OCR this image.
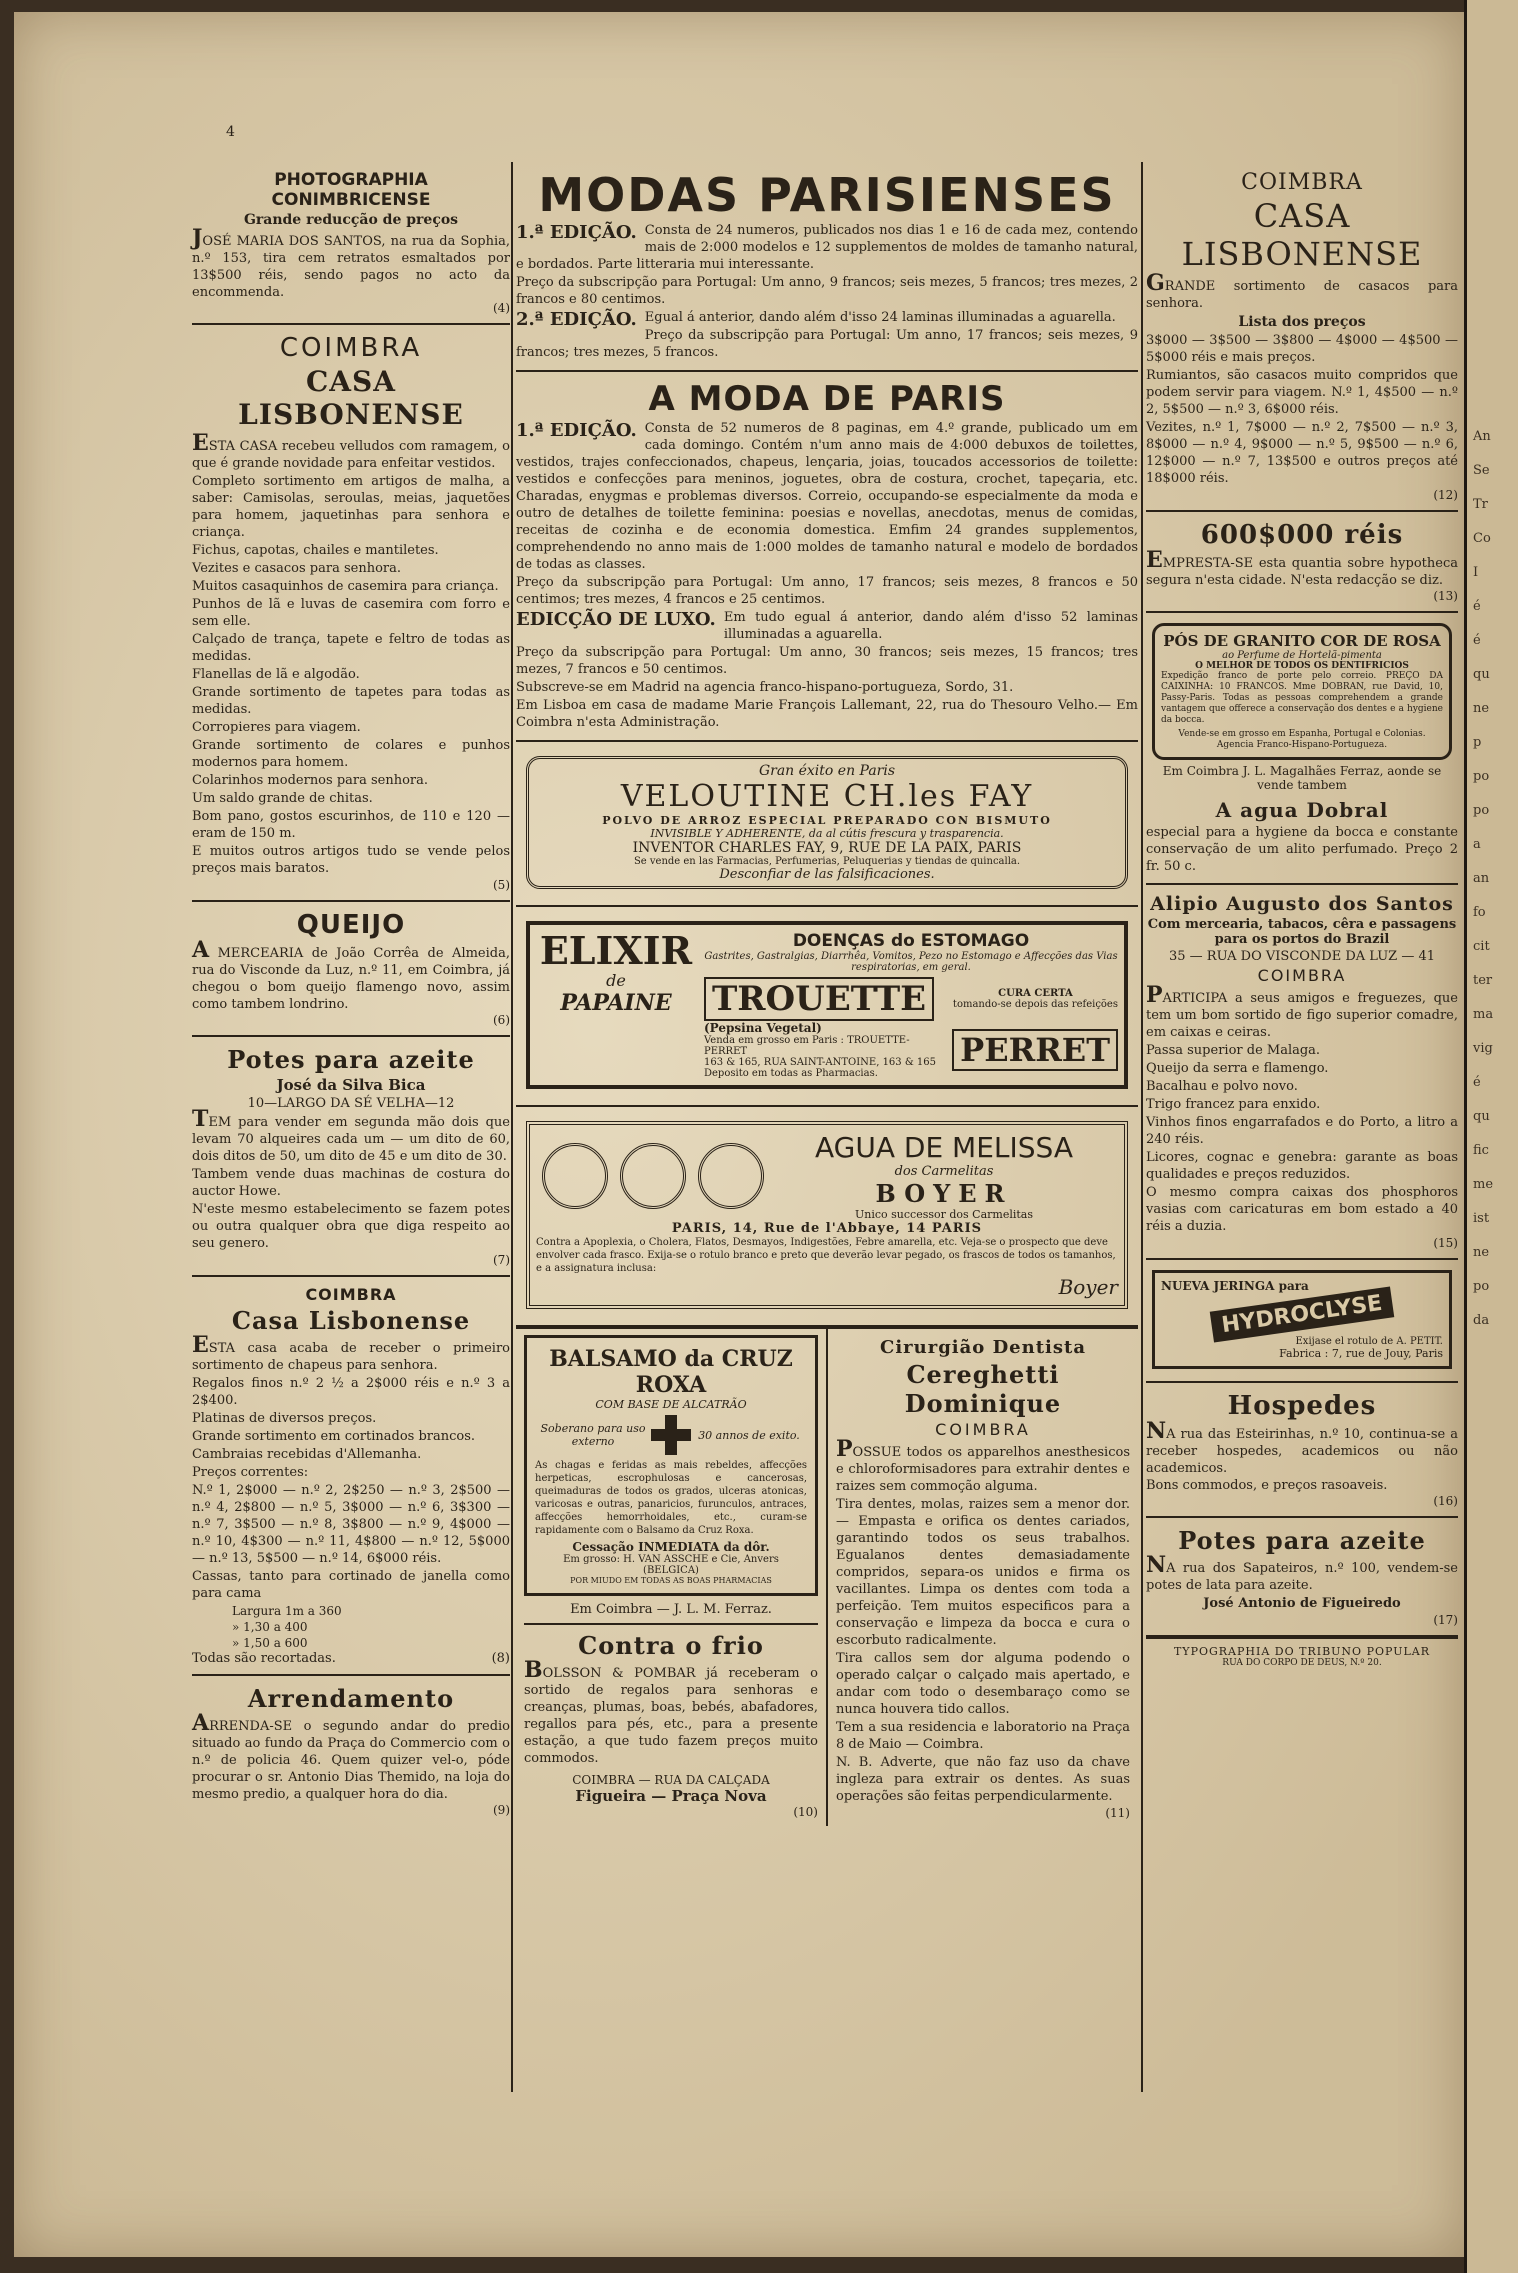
4
PHOTOGRAPHIA CONIMBRICENSE
Grande reducção de preços

JOSÉ MARIA DOS SANTOS, na rua da Sophia, n.º 153, tira cem retratos esmaltados por 13$500 réis, sendo pagos no acto da encommenda.

(4)
COIMBRA
CASA LISBONENSE

ESTA CASA recebeu velludos com ramagem, o que é grande novidade para enfeitar vestidos.

Completo sortimento em artigos de malha, a saber: Camisolas, seroulas, meias, jaquetões para homem, jaquetinhas para senhora e criança.

Fichus, capotas, chailes e mantiletes.

Vezites e casacos para senhora.

Muitos casaquinhos de casemira para criança.

Punhos de lã e luvas de casemira com forro e sem elle.

Calçado de trança, tapete e feltro de todas as medidas.

Flanellas de lã e algodão.

Grande sortimento de tapetes para todas as medidas.

Corropieres para viagem.

Grande sortimento de colares e punhos modernos para homem.

Colarinhos modernos para senhora.

Um saldo grande de chitas.

Bom pano, gostos escurinhos, de 110 e 120 — eram de 150 m.

E muitos outros artigos tudo se vende pelos preços mais baratos.

(5)
QUEIJO

A MERCEARIA de João Corrêa de Almeida, rua do Visconde da Luz, n.º 11, em Coimbra, já chegou o bom queijo flamengo novo, assim como tambem londrino.

(6)
Potes para azeite
José da Silva Bica
10—LARGO DA SÉ VELHA—12

TEM para vender em segunda mão dois que levam 70 alqueires cada um — um dito de 60, dois ditos de 50, um dito de 45 e um dito de 30.

Tambem vende duas machinas de costura do auctor Howe.

N'este mesmo estabelecimento se fazem potes ou outra qualquer obra que diga respeito ao seu genero.

(7)
COIMBRA
Casa Lisbonense

ESTA casa acaba de receber o primeiro sortimento de chapeus para senhora.

Regalos finos n.º 2 ½ a 2$000 réis e n.º 3 a 2$400.

Platinas de diversos preços.

Grande sortimento em cortinados brancos.

Cambraias recebidas d'Allemanha.

Preços correntes:

N.º 1, 2$000 — n.º 2, 2$250 — n.º 3, 2$500 — n.º 4, 2$800 — n.º 5, 3$000 — n.º 6, 3$300 — n.º 7, 3$500 — n.º 8, 3$800 — n.º 9, 4$000 — n.º 10, 4$300 — n.º 11, 4$800 — n.º 12, 5$000 — n.º 13, 5$500 — n.º 14, 6$000 réis.

Cassas, tanto para cortinado de janella como para cama

Largura 1m a 360
» 1,30 a 400
» 1,50 a 600
Todas são recortadas.	(8)
Arrendamento

ARRENDA-SE o segundo andar do predio situado ao fundo da Praça do Commercio com o n.º de policia 46. Quem quizer vel-o, póde procurar o sr. Antonio Dias Themido, na loja do mesmo predio, a qualquer hora do dia.

(9)
MODAS PARISIENSES
1.ª EDIÇÃO. Consta de 24 numeros, publicados nos dias 1 e 16 de cada mez, contendo mais de 2:000 modelos e 12 supplementos de moldes de tamanho natural, e bordados. Parte litteraria mui interessante.

Preço da subscripção para Portugal: Um anno, 9 francos; seis mezes, 5 francos; tres mezes, 2 francos e 80 centimos.

2.ª EDIÇÃO. Egual á anterior, dando além d'isso 24 laminas illuminadas a aguarella.

Preço da subscripção para Portugal: Um anno, 17 francos; seis mezes, 9 francos; tres mezes, 5 francos.

A MODA DE PARIS
1.ª EDIÇÃO. Consta de 52 numeros de 8 paginas, em 4.º grande, publicado um em cada domingo. Contém n'um anno mais de 4:000 debuxos de toilettes, vestidos, trajes confeccionados, chapeus, lençaria, joias, toucados accessorios de toilette: vestidos e confecções para meninos, joguetes, obra de costura, crochet, tapeçaria, etc. Charadas, enygmas e problemas diversos. Correio, occupando-se especialmente da moda e outro de detalhes de toilette feminina: poesias e novellas, anecdotas, menus de comidas, receitas de cozinha e de economia domestica. Emfim 24 grandes supplementos, comprehendendo no anno mais de 1:000 moldes de tamanho natural e modelo de bordados de todas as classes.

Preço da subscripção para Portugal: Um anno, 17 francos; seis mezes, 8 francos e 50 centimos; tres mezes, 4 francos e 25 centimos.

EDICÇÃO DE LUXO. Em tudo egual á anterior, dando além d'isso 52 laminas illuminadas a aguarella.

Preço da subscripção para Portugal: Um anno, 30 francos; seis mezes, 15 francos; tres mezes, 7 francos e 50 centimos.

Subscreve-se em Madrid na agencia franco-hispano-portugueza, Sordo, 31.

Em Lisboa em casa de madame Marie François Lallemant, 22, rua do Thesouro Velho.— Em Coimbra n'esta Administração.

Gran éxito en Paris
VELOUTINE CH.les FAY
POLVO DE ARROZ ESPECIAL PREPARADO CON BISMUTO
INVISIBLE Y ADHERENTE, da al cútis frescura y trasparencia.
INVENTOR CHARLES FAY, 9, RUE DE LA PAIX, PARIS
Se vende en las Farmacias, Perfumerias, Peluquerias y tiendas de quincalla.
Desconfiar de las falsificaciones.
ELIXIR
de
PAPAINE
DOENÇAS do ESTOMAGO
Gastrites, Gastralgias, Diarrhêa, Vomitos, Pezo no Estomago e Affecções das Vias respiratorias, em geral.
TROUETTE	CURA CERTA
tomando-se depois das refeições
(Pepsina Vegetal)
Venda em grosso em Paris : TROUETTE-PERRET
163 & 165, RUA SAINT-ANTOINE, 163 & 165
Deposito em todas as Pharmacias.
PERRET
AGUA DE MELISSA
dos Carmelitas
BOYER
Unico successor dos Carmelitas
PARIS, 14, Rue de l'Abbaye, 14 PARIS
Contra a Apoplexia, o Cholera, Flatos, Desmayos, Indigestões, Febre amarella, etc. Veja-se o prospecto que deve envolver cada frasco. Exija-se o rotulo branco e preto que deverão levar pegado, os frascos de todos os tamanhos, e a assignatura inclusa:
Boyer
BALSAMO da CRUZ ROXA
COM BASE DE ALCATRÃO
Soberano para uso externo	30 annos de exito.
As chagas e feridas as mais rebeldes, affecções herpeticas, escrophulosas e cancerosas, queimaduras de todos os grados, ulceras atonicas, varicosas e outras, panaricios, furunculos, antraces, affecções hemorrhoidales, etc., curam-se rapidamente com o Balsamo da Cruz Roxa.
Cessação INMEDIATA da dôr.
Em grosso: H. VAN ASSCHE e Cie, Anvers (BELGICA)
POR MIUDO EM TODAS AS BOAS PHARMACIAS
Em Coimbra — J. L. M. Ferraz.
Contra o frio

BOLSSON & POMBAR já receberam o sortido de regalos para senhoras e creanças, plumas, boas, bebés, abafadores, regallos para pés, etc., para a presente estação, a que tudo fazem preços muito commodos.

COIMBRA — RUA DA CALÇADA
Figueira — Praça Nova
(10)
Cirurgião Dentista
Cereghetti Dominique
COIMBRA

POSSUE todos os apparelhos anesthesicos e chloroformisadores para extrahir dentes e raizes sem commoção alguma.

Tira dentes, molas, raizes sem a menor dor.— Empasta e orifica os dentes cariados, garantindo todos os seus trabalhos. Egualanos dentes demasiadamente compridos, separa-os unidos e firma os vacillantes. Limpa os dentes com toda a perfeição. Tem muitos especificos para a conservação e limpeza da bocca e cura o escorbuto radicalmente.

Tira callos sem dor alguma podendo o operado calçar o calçado mais apertado, e andar com todo o desembaraço como se nunca houvera tido callos.

Tem a sua residencia e laboratorio na Praça 8 de Maio — Coimbra.

N. B. Adverte, que não faz uso da chave ingleza para extrair os dentes. As suas operações são feitas perpendicularmente.

(11)
COIMBRA
CASA LISBONENSE

GRANDE sortimento de casacos para senhora.

Lista dos preços

3$000 — 3$500 — 3$800 — 4$000 — 4$500 — 5$000 réis e mais preços.

Rumiantos, são casacos muito compridos que podem servir para viagem. N.º 1, 4$500 — n.º 2, 5$500 — n.º 3, 6$000 réis.

Vezites, n.º 1, 7$000 — n.º 2, 7$500 — n.º 3, 8$000 — n.º 4, 9$000 — n.º 5, 9$500 — n.º 6, 12$000 — n.º 7, 13$500 e outros preços até 18$000 réis.

(12)
600$000 réis

EMPRESTA-SE esta quantia sobre hypotheca segura n'esta cidade. N'esta redacção se diz.

(13)
PÓS DE GRANITO COR DE ROSA
ao Perfume de Hortelã-pimenta
O MELHOR DE TODOS OS DENTIFRICIOS
Expedição franco de porte pelo correio. PREÇO DA CAIXINHA: 10 FRANCOS. Mme DOBRAN, rue David, 10, Passy-Paris. Todas as pessoas comprehendem a grande vantagem que offerece a conservação dos dentes e a hygiene da bocca.
Vende-se em grosso em Espanha, Portugal e Colonias. Agencia Franco-Hispano-Portugueza.
Em Coimbra J. L. Magalhães Ferraz, aonde se vende tambem
A agua Dobral

especial para a hygiene da bocca e constante conservação de um alito perfumado. Preço 2 fr. 50 c.

Alipio Augusto dos Santos
Com mercearia, tabacos, cêra e passagens para os portos do Brazil
35 — RUA DO VISCONDE DA LUZ — 41
COIMBRA

PARTICIPA a seus amigos e freguezes, que tem um bom sortido de figo superior comadre, em caixas e ceiras.

Passa superior de Malaga.

Queijo da serra e flamengo.

Bacalhau e polvo novo.

Trigo francez para enxido.

Vinhos finos engarrafados e do Porto, a litro a 240 réis.

Licores, cognac e genebra: garante as boas qualidades e preços reduzidos.

O mesmo compra caixas dos phosphoros vasias com caricaturas em bom estado a 40 réis a duzia.

(15)
NUEVA JERINGA para
HYDROCLYSE
Exijase el rotulo de A. PETIT.
Fabrica : 7, rue de Jouy, Paris
Hospedes

NA rua das Esteirinhas, n.º 10, continua-se a receber hospedes, academicos ou não academicos.

Bons commodos, e preços rasoaveis.

(16)
Potes para azeite

NA rua dos Sapateiros, n.º 100, vendem-se potes de lata para azeite.

José Antonio de Figueiredo
(17)
TYPOGRAPHIA DO TRIBUNO POPULAR
RUA DO CORPO DE DEUS, N.º 20.
An
Se
Tr
Co
I
é
é
qu
ne
p
po
po
a
an
fo
cit
ter
ma
vig
é
qu
fic
me
ist
ne
po
da
